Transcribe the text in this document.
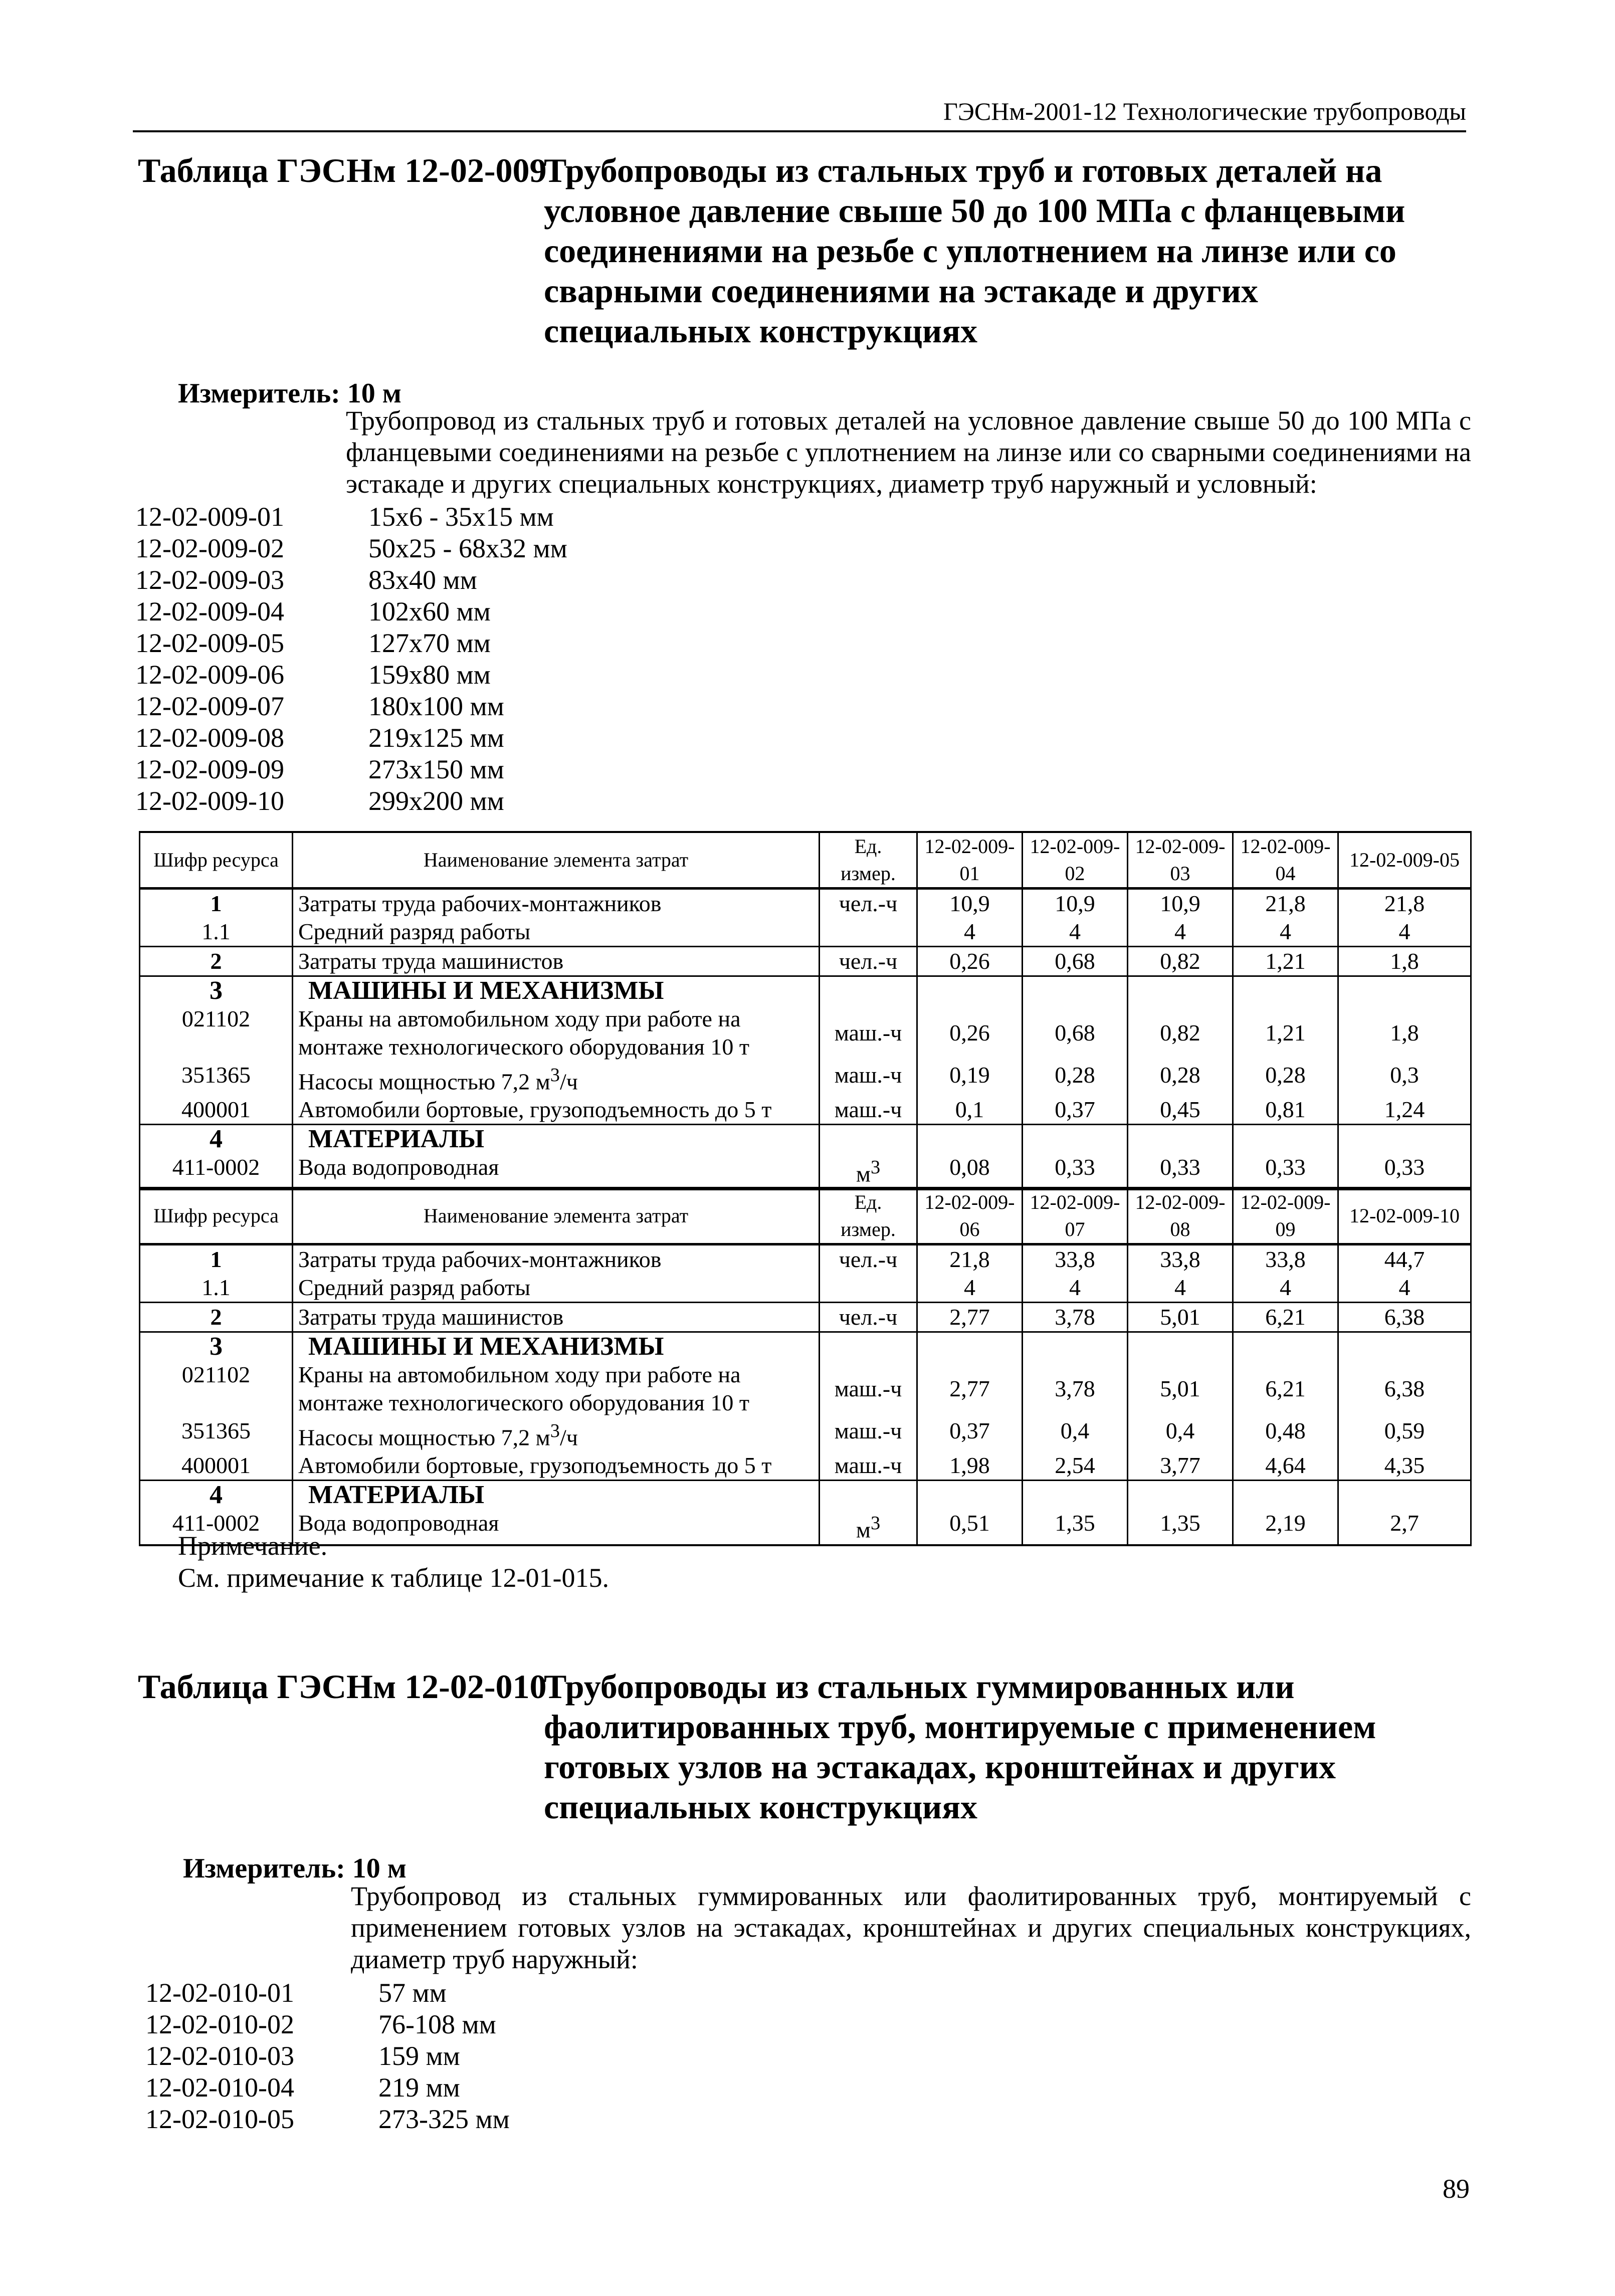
ГЭСНм-2001-12 Технологические трубопроводы
Таблица ГЭСНм 12-02-009
Трубопроводы из стальных труб и готовых деталей на условное давление свыше 50 до 100 МПа с фланцевыми соединениями на резьбе с уплотнением на линзе или со сварными соединениями на эстакаде и других специальных конструкциях
Измеритель: 10 м
Трубопровод из стальных труб и готовых деталей на условное давление свыше 50 до 100 МПа с фланцевыми соединениями на резьбе с уплотнением на линзе или со сварными соединениями на эстакаде и других специальных конструкциях, диаметр труб наружный и условный:
12-02-009-01	15х6 - 35х15 мм
12-02-009-02	50х25 - 68х32 мм
12-02-009-03	83х40 мм
12-02-009-04	102х60 мм
12-02-009-05	127х70 мм
12-02-009-06	159х80 мм
12-02-009-07	180х100 мм
12-02-009-08	219х125 мм
12-02-009-09	273х150 мм
12-02-009-10	299х200 мм
Шифр ресурса	Наименование элемента затрат	Ед. измер.	12-02-009-01	12-02-009-02	12-02-009-03	12-02-009-04	12-02-009-05
1	Затраты труда рабочих-монтажников	чел.-ч	10,9	10,9	10,9	21,8	21,8
1.1	Средний разряд работы		4	4	4	4	4
2	Затраты труда машинистов	чел.-ч	0,26	0,68	0,82	1,21	1,8
3	МАШИНЫ И МЕХАНИЗМЫ						
021102	Краны на автомобильном ходу при работе на монтаже технологического оборудования 10 т	маш.-ч	0,26	0,68	0,82	1,21	1,8
351365	Насосы мощностью 7,2 $м^3/ч$	маш.-ч	0,19	0,28	0,28	0,28	0,3
400001	Автомобили бортовые, грузоподъемность до 5 т	маш.-ч	0,1	0,37	0,45	0,81	1,24
4	МАТЕРИАЛЫ						
411-0002	Вода водопроводная	$м^3$	0,08	0,33	0,33	0,33	0,33
Шифр ресурса	Наименование элемента затрат	Ед. измер.	12-02-009-06	12-02-009-07	12-02-009-08	12-02-009-09	12-02-009-10
1	Затраты труда рабочих-монтажников	чел.-ч	21,8	33,8	33,8	33,8	44,7
1.1	Средний разряд работы		4	4	4	4	4
2	Затраты труда машинистов	чел.-ч	2,77	3,78	5,01	6,21	6,38
3	МАШИНЫ И МЕХАНИЗМЫ						
021102	Краны на автомобильном ходу при работе на монтаже технологического оборудования 10 т	маш.-ч	2,77	3,78	5,01	6,21	6,38
351365	Насосы мощностью 7,2 $м^3/ч$	маш.-ч	0,37	0,4	0,4	0,48	0,59
400001	Автомобили бортовые, грузоподъемность до 5 т	маш.-ч	1,98	2,54	3,77	4,64	4,35
4	МАТЕРИАЛЫ						
411-0002	Вода водопроводная	$м^3$	0,51	1,35	1,35	2,19	2,7
Примечание.
См. примечание к таблице 12-01-015.
Таблица ГЭСНм 12-02-010
Трубопроводы из стальных гуммированных или фаолитированных труб, монтируемые с применением готовых узлов на эстакадах, кронштейнах и других специальных конструкциях
Измеритель: 10 м
Трубопровод из стальных гуммированных или фаолитированных труб, монтируемый с применением готовых узлов на эстакадах, кронштейнах и других специальных конструкциях, диаметр труб наружный:
12-02-010-01	57 мм
12-02-010-02	76-108 мм
12-02-010-03	159 мм
12-02-010-04	219 мм
12-02-010-05	273-325 мм
89
